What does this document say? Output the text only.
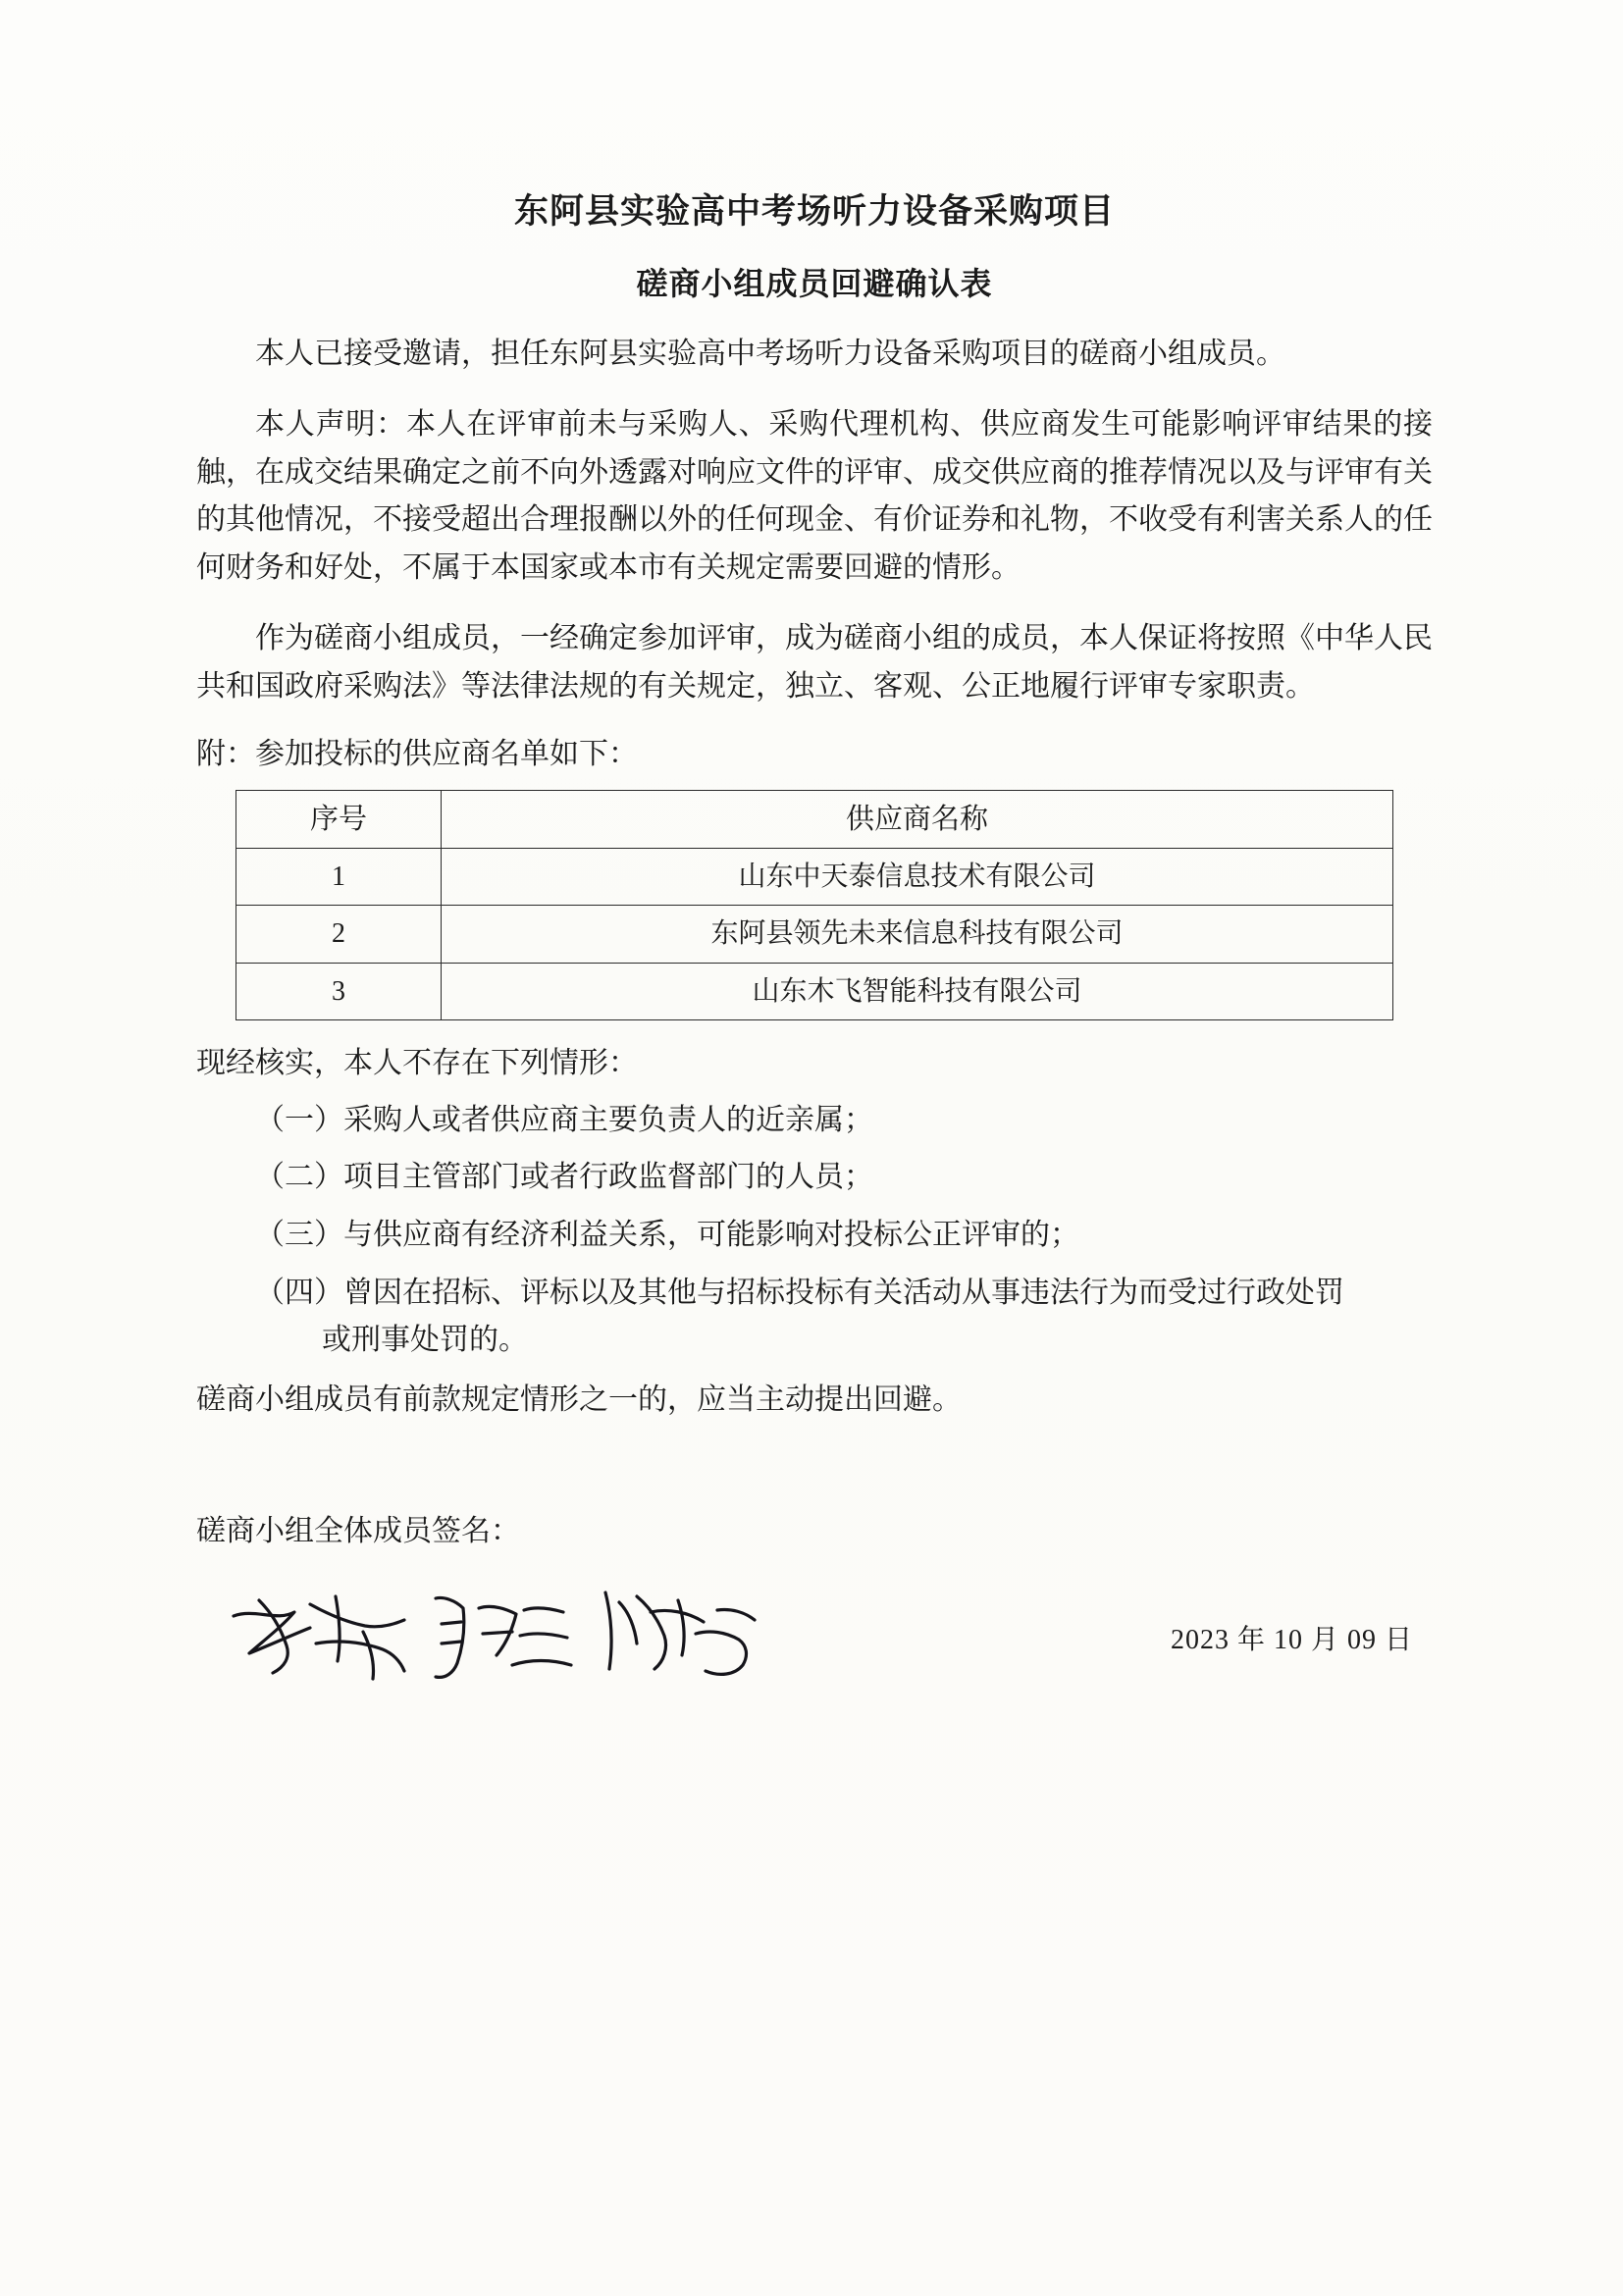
东阿县实验高中考场听力设备采购项目
磋商小组成员回避确认表

本人已接受邀请，担任东阿县实验高中考场听力设备采购项目的磋商小组成员。

本人声明：本人在评审前未与采购人、采购代理机构、供应商发生可能影响评审结果的接触，在成交结果确定之前不向外透露对响应文件的评审、成交供应商的推荐情况以及与评审有关的其他情况，不接受超出合理报酬以外的任何现金、有价证券和礼物，不收受有利害关系人的任何财务和好处，不属于本国家或本市有关规定需要回避的情形。

作为磋商小组成员，一经确定参加评审，成为磋商小组的成员，本人保证将按照《中华人民共和国政府采购法》等法律法规的有关规定，独立、客观、公正地履行评审专家职责。

附：参加投标的供应商名单如下：

序号	供应商名称
1	山东中天泰信息技术有限公司
2	东阿县领先未来信息科技有限公司
3	山东木飞智能科技有限公司

现经核实，本人不存在下列情形：

（一）采购人或者供应商主要负责人的近亲属；

（二）项目主管部门或者行政监督部门的人员；

（三）与供应商有经济利益关系，可能影响对投标公正评审的；

（四）曾因在招标、评标以及其他与招标投标有关活动从事违法行为而受过行政处罚
或刑事处罚的。

磋商小组成员有前款规定情形之一的，应当主动提出回避。

磋商小组全体成员签名：

2023 年 10 月 09 日
